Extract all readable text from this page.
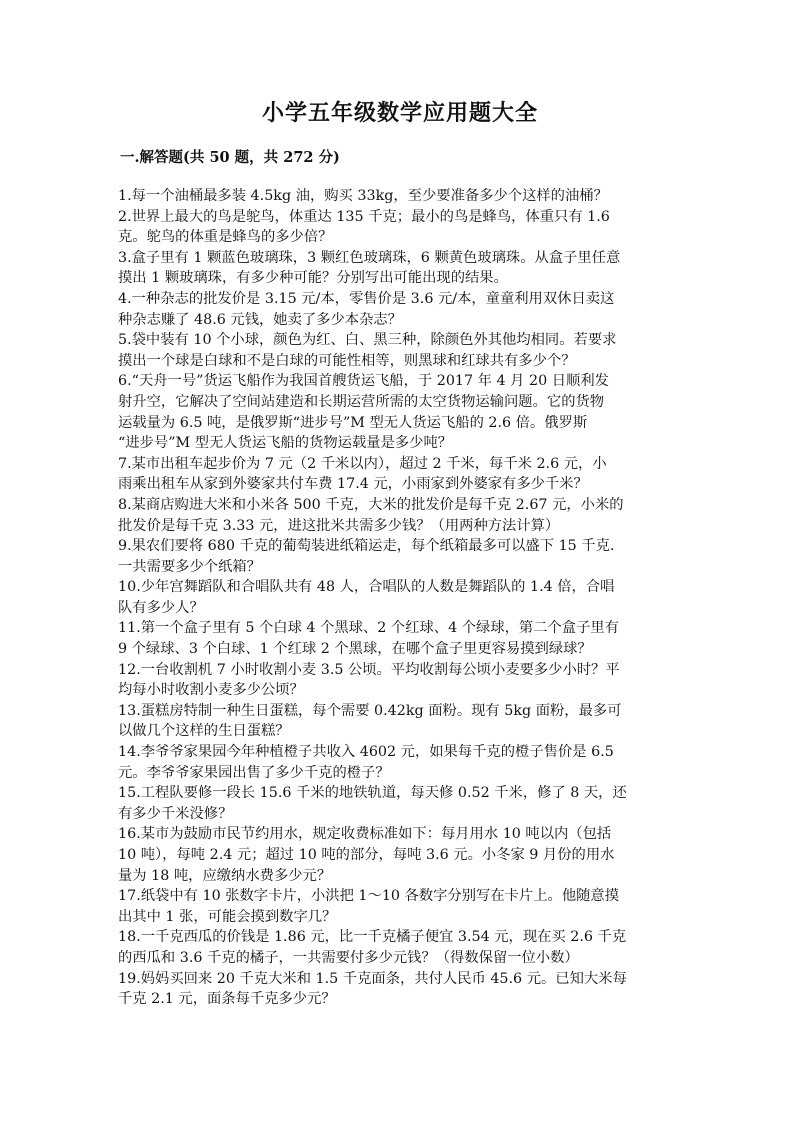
小学五年级数学应用题大全
一.解答题(共 50 题，共 272 分)
1.每一个油桶最多装 4.5kg 油，购买 33kg，至少要准备多少个这样的油桶？
2.世界上最大的鸟是鸵鸟，体重达 135 千克；最小的鸟是蜂鸟，体重只有 1.6
克。鸵鸟的体重是蜂鸟的多少倍？
3.盒子里有 1 颗蓝色玻璃珠，3 颗红色玻璃珠，6 颗黄色玻璃珠。从盒子里任意
摸出 1 颗玻璃珠，有多少种可能？分别写出可能出现的结果。
4.一种杂志的批发价是 3.15 元/本，零售价是 3.6 元/本，童童利用双休日卖这
种杂志赚了 48.6 元钱，她卖了多少本杂志？
5.袋中装有 10 个小球，颜色为红、白、黑三种，除颜色外其他均相同。若要求
摸出一个球是白球和不是白球的可能性相等，则黑球和红球共有多少个？
6.“天舟一号”货运飞船作为我国首艘货运飞船，于 2017 年 4 月 20 日顺利发
射升空，它解决了空间站建造和长期运营所需的太空货物运输问题。它的货物
运载量为 6.5 吨，是俄罗斯“进步号”M 型无人货运飞船的 2.6 倍。俄罗斯
“进步号”M 型无人货运飞船的货物运载量是多少吨？
7.某市出租车起步价为 7 元（2 千米以内），超过 2 千米，每千米 2.6 元，小
雨乘出租车从家到外婆家共付车费 17.4 元，小雨家到外婆家有多少千米？
8.某商店购进大米和小米各 500 千克，大米的批发价是每千克 2.67 元，小米的
批发价是每千克 3.33 元，进这批米共需多少钱？（用两种方法计算）
9.果农们要将 680 千克的葡萄装进纸箱运走，每个纸箱最多可以盛下 15 千克.
一共需要多少个纸箱？
10.少年宫舞蹈队和合唱队共有 48 人，合唱队的人数是舞蹈队的 1.4 倍，合唱
队有多少人？
11.第一个盒子里有 5 个白球 4 个黑球、2 个红球、4 个绿球，第二个盒子里有
9 个绿球、3 个白球、1 个红球 2 个黑球，在哪个盒子里更容易摸到绿球？
12.一台收割机 7 小时收割小麦 3.5 公顷。平均收割每公顷小麦要多少小时？平
均每小时收割小麦多少公顷？
13.蛋糕房特制一种生日蛋糕，每个需要 0.42kg 面粉。现有 5kg 面粉，最多可
以做几个这样的生日蛋糕？
14.李爷爷家果园今年种植橙子共收入 4602 元，如果每千克的橙子售价是 6.5
元。李爷爷家果园出售了多少千克的橙子？
15.工程队要修一段长 15.6 千米的地铁轨道，每天修 0.52 千米，修了 8 天，还
有多少千米没修？
16.某市为鼓励市民节约用水，规定收费标准如下：每月用水 10 吨以内（包括
10 吨），每吨 2.4 元；超过 10 吨的部分，每吨 3.6 元。小冬家 9 月份的用水
量为 18 吨，应缴纳水费多少元？
17.纸袋中有 10 张数字卡片，小洪把 1～10 各数字分别写在卡片上。他随意摸
出其中 1 张，可能会摸到数字几？
18.一千克西瓜的价钱是 1.86 元，比一千克橘子便宜 3.54 元，现在买 2.6 千克
的西瓜和 3.6 千克的橘子，一共需要付多少元钱？（得数保留一位小数）
19.妈妈买回来 20 千克大米和 1.5 千克面条，共付人民币 45.6 元。已知大米每
千克 2.1 元，面条每千克多少元？
